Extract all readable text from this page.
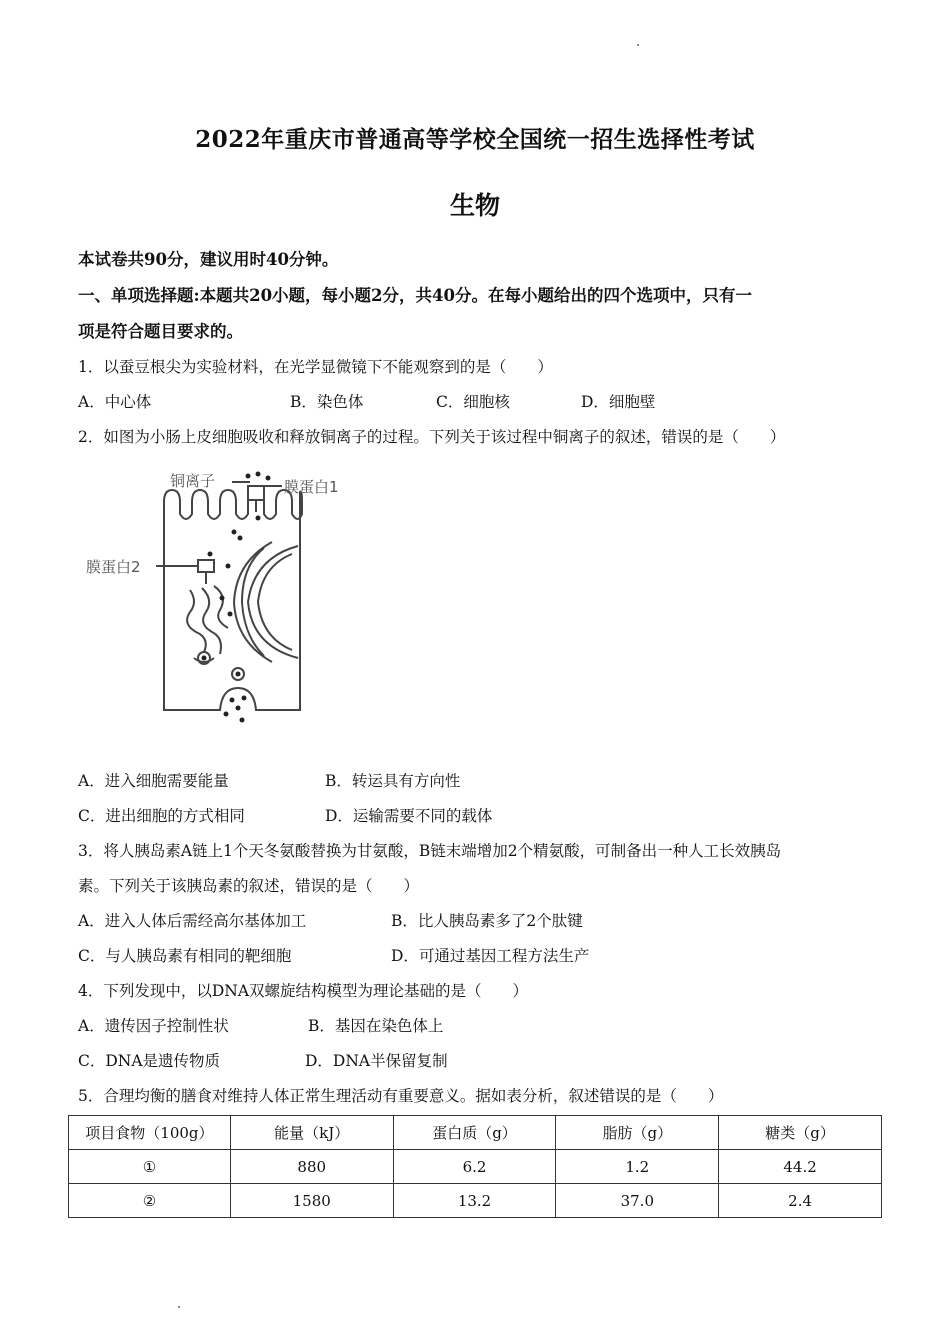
2022年重庆市普通高等学校全国统一招生选择性考试
生物
本试卷共90分，建议用时40分钟。
一、单项选择题:本题共20小题，每小题2分，共40分。在每小题给出的四个选项中，只有一
项是符合题目要求的。
1．以蚕豆根尖为实验材料，在光学显微镜下不能观察到的是（　　）
A．中心体	B．染色体	C．细胞核	D．细胞壁
2．如图为小肠上皮细胞吸收和释放铜离子的过程。下列关于该过程中铜离子的叙述，错误的是（　　）
铜离子	膜蛋白1
膜蛋白2
A．进入细胞需要能量	B．转运具有方向性
C．进出细胞的方式相同	D．运输需要不同的载体
3．将人胰岛素A链上1个天冬氨酸替换为甘氨酸，B链末端增加2个精氨酸，可制备出一种人工长效胰岛
素。下列关于该胰岛素的叙述，错误的是（　　）
A．进入人体后需经高尔基体加工	B．比人胰岛素多了2个肽键
C．与人胰岛素有相同的靶细胞	D．可通过基因工程方法生产
4．下列发现中，以DNA双螺旋结构模型为理论基础的是（　　）
A．遗传因子控制性状	B．基因在染色体上
C．DNA是遗传物质	D．DNA半保留复制
5．合理均衡的膳食对维持人体正常生理活动有重要意义。据如表分析，叙述错误的是（　　）
项目食物（100g）	能量（kJ）	蛋白质（g）	脂肪（g）	糖类（g）
①	880	6.2	1.2	44.2
②	1580	13.2	37.0	2.4
